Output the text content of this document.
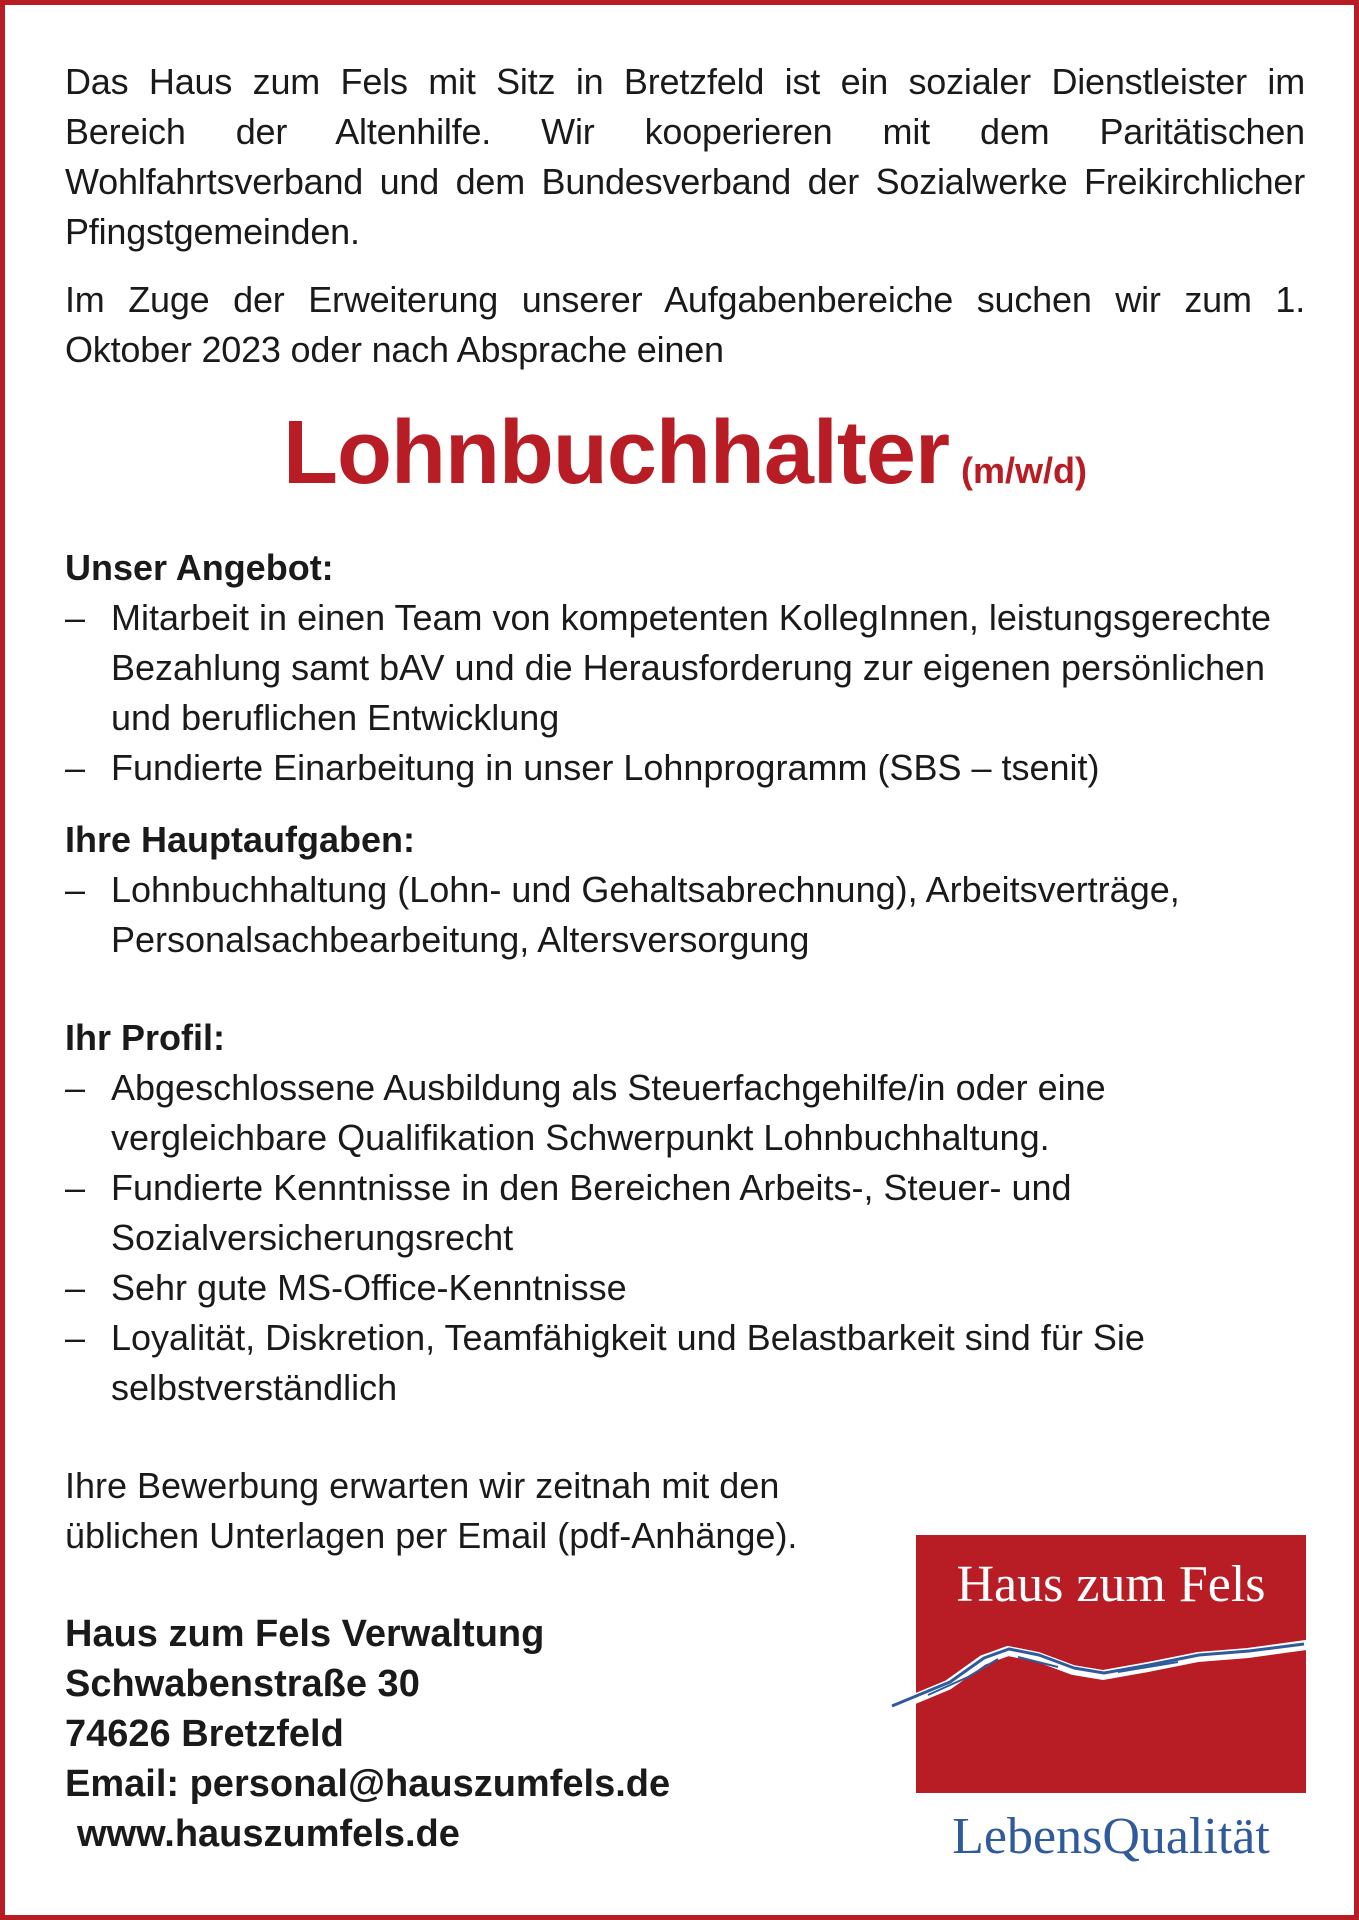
Das Haus zum Fels mit Sitz in Bretzfeld ist ein sozialer Dienstleister im Bereich der Altenhilfe. Wir kooperieren mit dem Paritätischen Wohlfahrtsverband und dem Bundesverband der Sozialwerke Freikirchlicher Pfingstgemeinden.

Im Zuge der Erweiterung unserer Aufgabenbereiche suchen wir zum 1. Oktober 2023 oder nach Absprache einen

Lohnbuchhalter (m/w/d)
Unser Angebot:
– Mitarbeit in einen Team von kompetenten KollegInnen, leistungsgerechte Bezahlung samt bAV und die Herausforderung zur eigenen persönlichen und beruflichen Entwicklung
– Fundierte Einarbeitung in unser Lohnprogramm (SBS – tsenit)
Ihre Hauptaufgaben:
– Lohnbuchhaltung (Lohn- und Gehaltsabrechnung), Arbeitsverträge, Personalsachbearbeitung, Altersversorgung
Ihr Profil:
– Abgeschlossene Ausbildung als Steuerfachgehilfe/in oder eine vergleichbare Qualifikation Schwerpunkt Lohnbuchhaltung.
– Fundierte Kenntnisse in den Bereichen Arbeits-, Steuer- und Sozialversicherungsrecht
– Sehr gute MS-Office-Kenntnisse
– Loyalität, Diskretion, Teamfähigkeit und Belastbarkeit sind für Sie selbstverständlich

Ihre Bewerbung erwarten wir zeitnah mit den üblichen Unterlagen per Email (pdf-Anhänge).

Haus zum Fels Verwaltung
Schwabenstraße 30
74626 Bretzfeld
Email: personal@hauszumfels.de
www.hauszumfels.de
Haus zum Fels
LebensQualität
